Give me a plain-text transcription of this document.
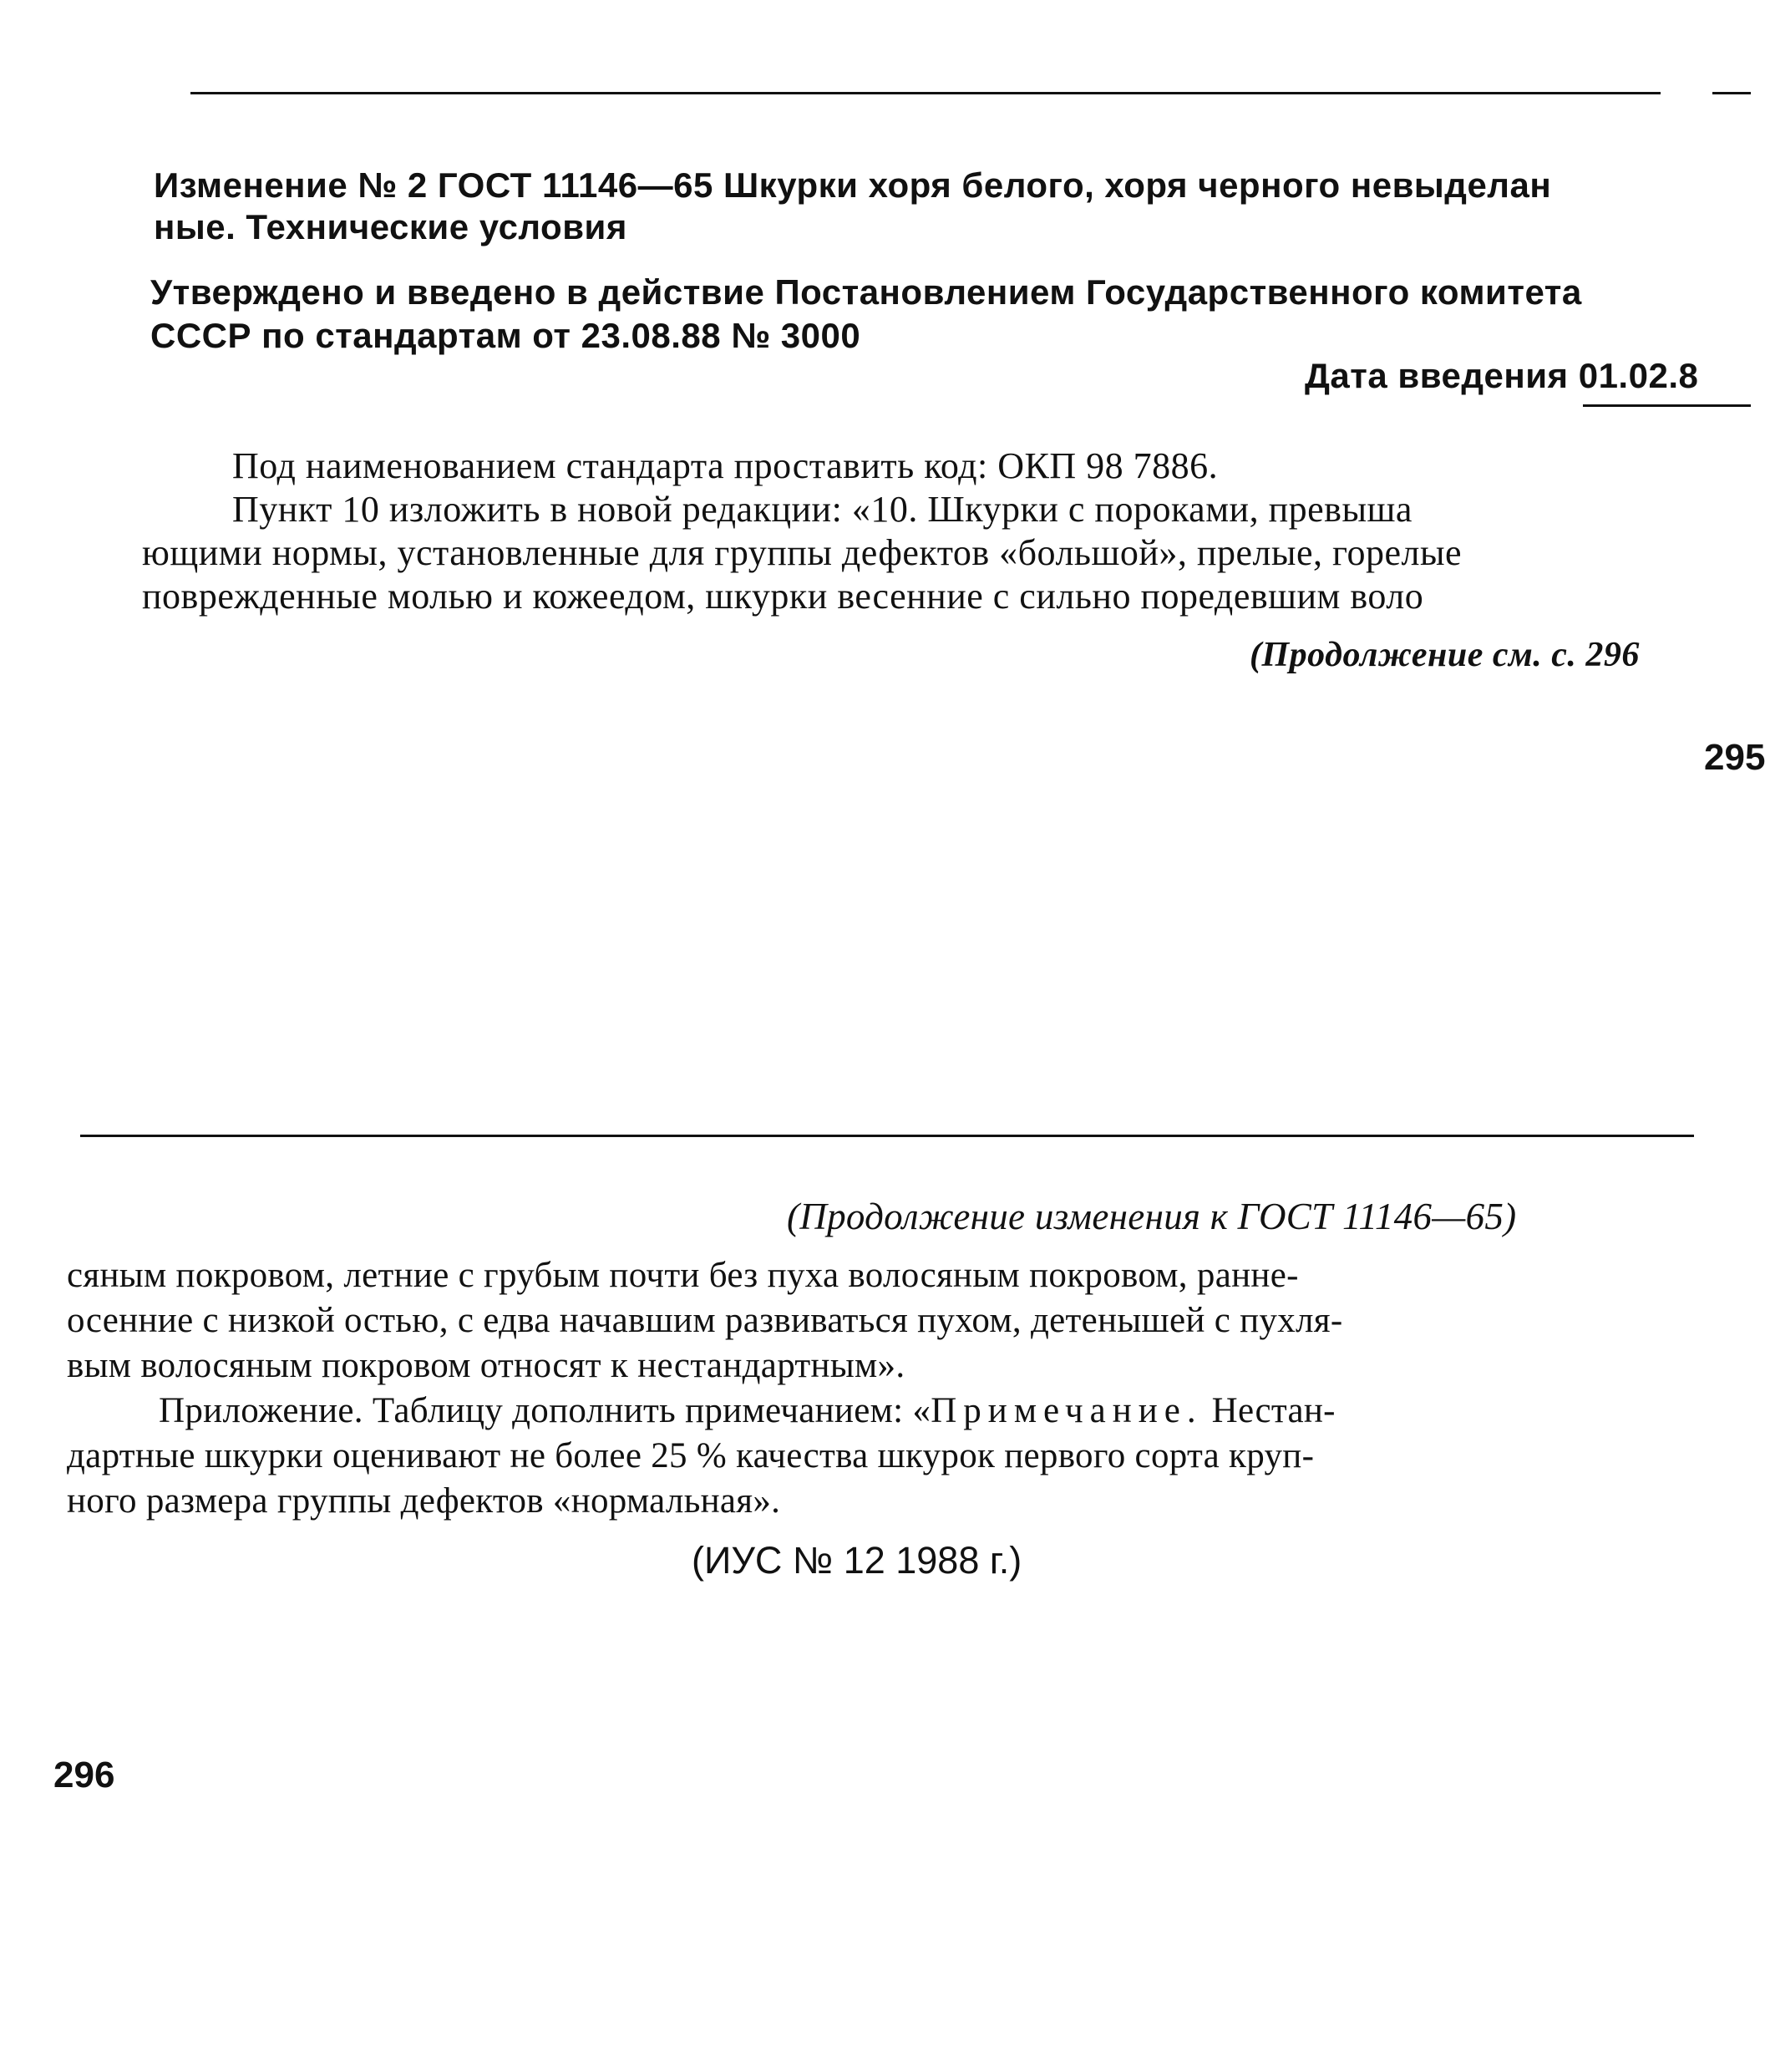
Изменение № 2 ГОСТ 11146—65 Шкурки хоря белого, хоря черного невыделан
ные. Технические условия
Утверждено и введено в действие Постановлением Государственного комитета
СССР по стандартам от 23.08.88 № 3000
Дата введения 01.02.8
Под наименованием стандарта проставить код: ОКП 98 7886.
Пункт 10 изложить в новой редакции: «10. Шкурки с пороками, превыша
ющими нормы, установленные для группы дефектов «большой», прелые, горелые
поврежденные молью и кожеедом, шкурки весенние с сильно поредевшим воло
(Продолжение см. с. 296
295
(Продолжение изменения к ГОСТ 11146—65)
сяным покровом, летние с грубым почти без пуха волосяным покровом, ранне-
осенние с низкой остью, с едва начавшим развиваться пухом, детенышей с пухля-
вым волосяным покровом относят к нестандартным».
Приложение. Таблицу дополнить примечанием: «Примечание. Нестан-
дартные шкурки оценивают не более 25 % качества шкурок первого сорта круп-
ного размера группы дефектов «нормальная».
(ИУС № 12 1988 г.)
296
